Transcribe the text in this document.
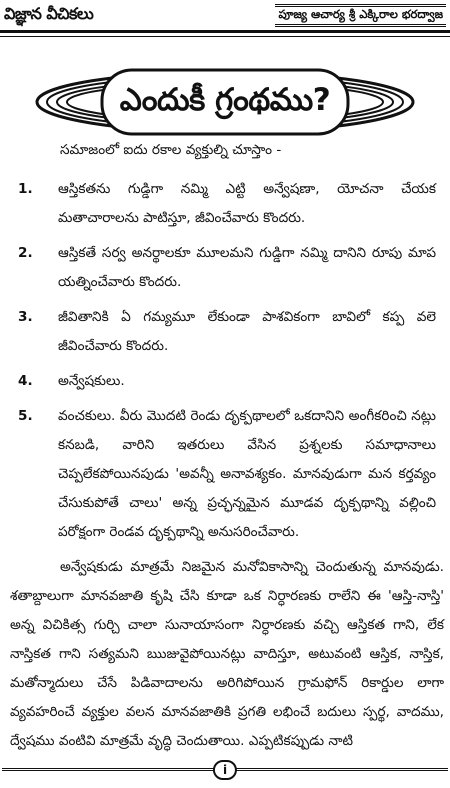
విజ్ఞాన వీచికలు	పూజ్య ఆచార్య శ్రీ ఎక్కిరాల భరద్వాజ
ఎందుకీ గ్రంథము?
సమాజంలో ఐదు రకాల వ్యక్తుల్ని చూస్తాం -
1.	ఆస్తికతను గుడ్డిగా నమ్మి ఎట్టి అన్వేషణా, యోచనా చేయక మతాచారాలను పాటిస్తూ, జీవించేవారు కొందరు.
2.	ఆస్తికతే సర్వ అనర్థాలకూ మూలమని గుడ్డిగా నమ్మి దానిని రూపు మాప యత్నించేవారు కొందరు.
3.	జీవితానికి ఏ గమ్యమూ లేకుండా పాశవికంగా బావిలో కప్ప వలె జీవించేవారు కొందరు.
4.	అన్వేషకులు.
5.	వంచకులు. వీరు మొదటి రెండు దృక్పథాలలో ఒకదానిని అంగీకరించి నట్లు కనబడి, వారిని ఇతరులు వేసిన ప్రశ్నలకు సమాధానాలు చెప్పలేకపోయినపుడు 'అవన్నీ అనావశ్యకం. మానవుడుగా మన కర్తవ్యం చేసుకుపోతే చాలు' అన్న ప్రచ్ఛన్నమైన మూడవ దృక్పథాన్ని వల్లించి పరోక్షంగా రెండవ దృక్పథాన్ని అనుసరించేవారు.

అన్వేషకుడు మాత్రమే నిజమైన మనోవికాసాన్ని చెందుతున్న మానవుడు. శతాబ్దాలుగా మానవజాతి కృషి చేసి కూడా ఒక నిర్ధారణకు రాలేని ఈ 'ఆస్తి-నాస్తి' అన్న విచికిత్స గుర్చి చాలా సునాయాసంగా నిర్ధారణకు వచ్చి ఆస్తికత గాని, లేక నాస్తికత గాని సత్యమని ఋజువైపోయినట్లు వాదిస్తూ, అటువంటి ఆస్తిక, నాస్తిక, మతోన్మాదులు చేసే పిడివాదాలను అరిగిపోయిన గ్రామఫోన్ రికార్డుల లాగా వ్యవహరించే వ్యక్తుల వలన మానవజాతికి ప్రగతి లభించే బదులు స్పర్థ, వాదము, ద్వేషము వంటివి మాత్రమే వృద్ధి చెందుతాయి. ఎప్పటికప్పుడు నాటి

i
